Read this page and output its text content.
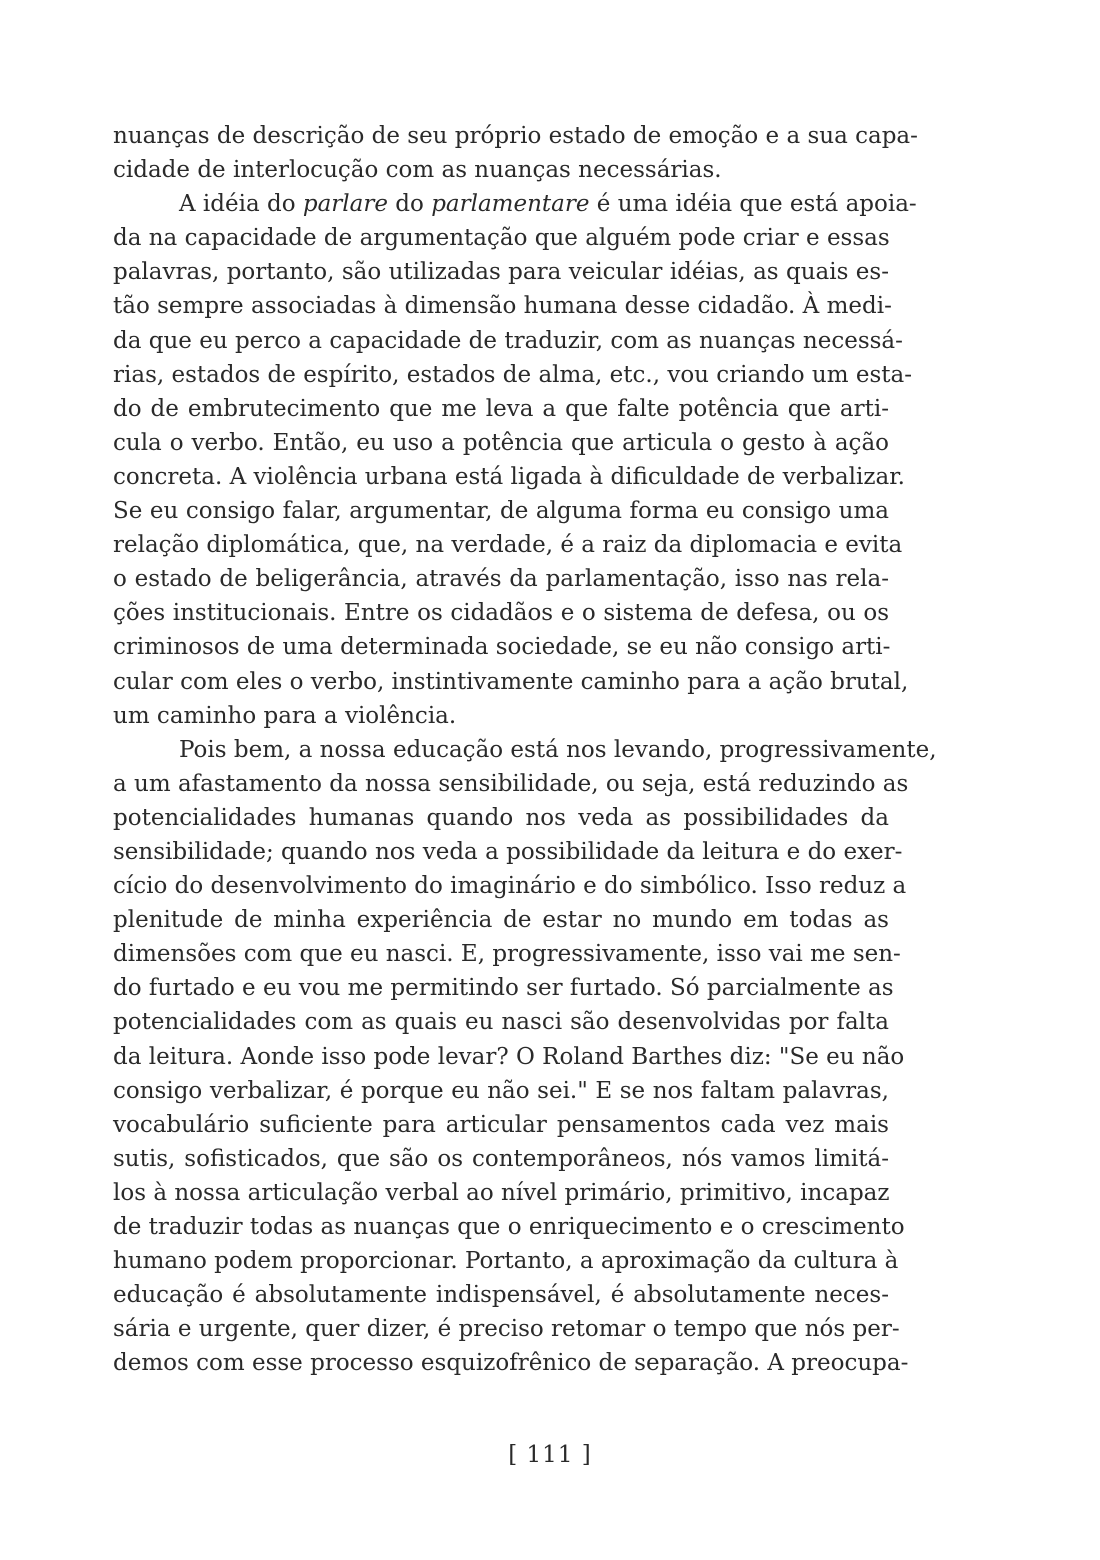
nuanças de descrição de seu próprio estado de emoção e a sua capa-
cidade de interlocução com as nuanças necessárias.
A idéia do parlare do parlamentare é uma idéia que está apoia-
da na capacidade de argumentação que alguém pode criar e essas
palavras, portanto, são utilizadas para veicular idéias, as quais es-
tão sempre associadas à dimensão humana desse cidadão. À medi-
da que eu perco a capacidade de traduzir, com as nuanças necessá-
rias, estados de espírito, estados de alma, etc., vou criando um esta-
do de embrutecimento que me leva a que falte potência que arti-
cula o verbo. Então, eu uso a potência que articula o gesto à ação
concreta. A violência urbana está ligada à dificuldade de verbalizar.
Se eu consigo falar, argumentar, de alguma forma eu consigo uma
relação diplomática, que, na verdade, é a raiz da diplomacia e evita
o estado de beligerância, através da parlamentação, isso nas rela-
ções institucionais. Entre os cidadãos e o sistema de defesa, ou os
criminosos de uma determinada sociedade, se eu não consigo arti-
cular com eles o verbo, instintivamente caminho para a ação brutal,
um caminho para a violência.
Pois bem, a nossa educação está nos levando, progressivamente,
a um afastamento da nossa sensibilidade, ou seja, está reduzindo as
potencialidades humanas quando nos veda as possibilidades da
sensibilidade; quando nos veda a possibilidade da leitura e do exer-
cício do desenvolvimento do imaginário e do simbólico. Isso reduz a
plenitude de minha experiência de estar no mundo em todas as
dimensões com que eu nasci. E, progressivamente, isso vai me sen-
do furtado e eu vou me permitindo ser furtado. Só parcialmente as
potencialidades com as quais eu nasci são desenvolvidas por falta
da leitura. Aonde isso pode levar? O Roland Barthes diz: "Se eu não
consigo verbalizar, é porque eu não sei." E se nos faltam palavras,
vocabulário suficiente para articular pensamentos cada vez mais
sutis, sofisticados, que são os contemporâneos, nós vamos limitá-
los à nossa articulação verbal ao nível primário, primitivo, incapaz
de traduzir todas as nuanças que o enriquecimento e o crescimento
humano podem proporcionar. Portanto, a aproximação da cultura à
educação é absolutamente indispensável, é absolutamente neces-
sária e urgente, quer dizer, é preciso retomar o tempo que nós per-
demos com esse processo esquizofrênico de separação. A preocupa-
[ 111 ]
